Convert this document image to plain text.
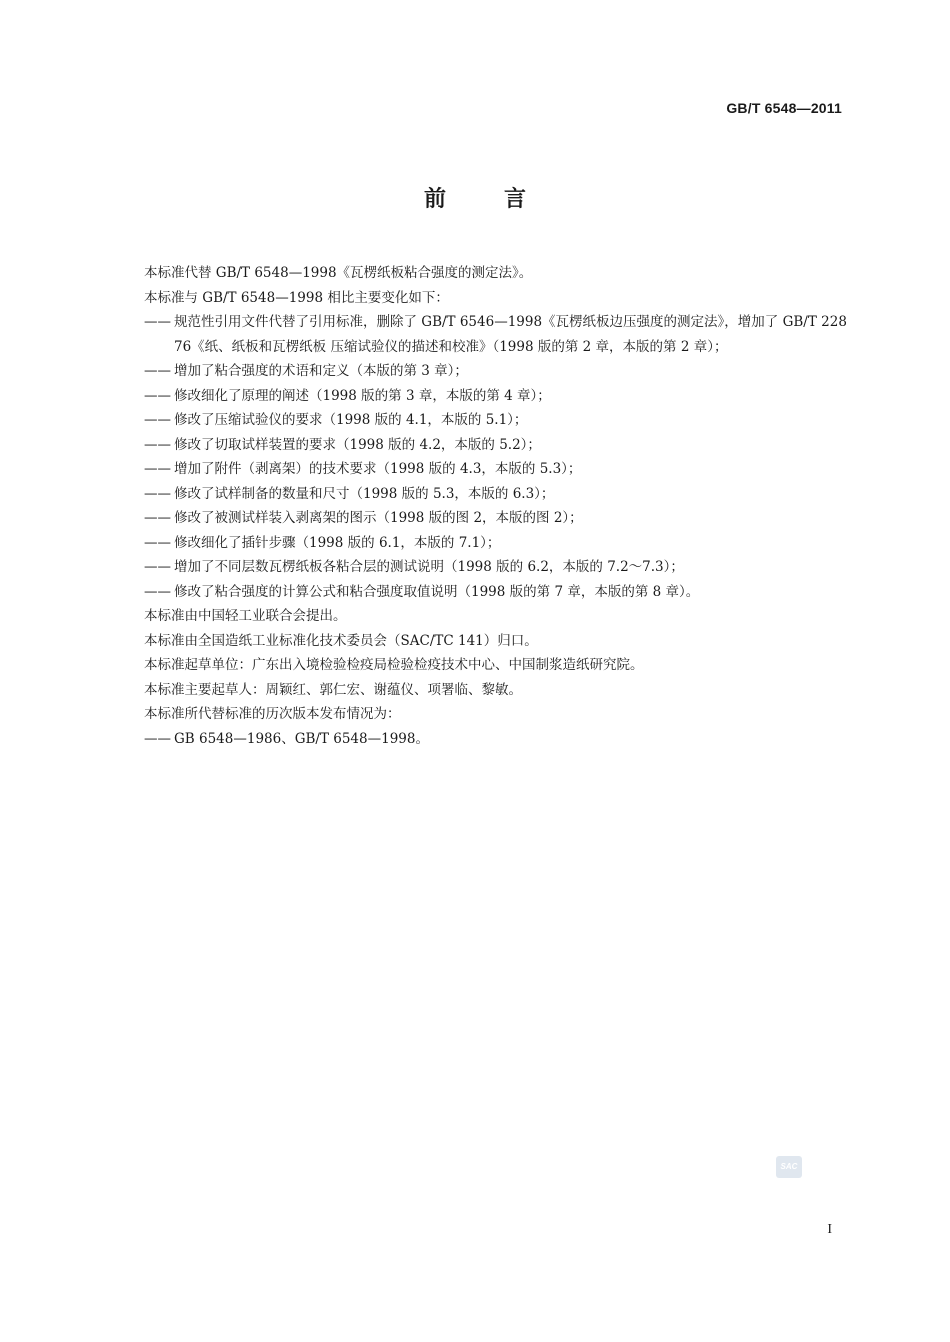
GB/T 6548—2011
前言
本标准代替 GB/T 6548—1998《瓦楞纸板粘合强度的测定法》。
本标准与 GB/T 6548—1998 相比主要变化如下：
—— 规范性引用文件代替了引用标准，删除了 GB/T 6546—1998《瓦楞纸板边压强度的测定法》，增加了 GB/T 22876《纸、纸板和瓦楞纸板 压缩试验仪的描述和校准》（1998 版的第 2 章，本版的第 2 章）；
—— 增加了粘合强度的术语和定义（本版的第 3 章）；
—— 修改细化了原理的阐述（1998 版的第 3 章，本版的第 4 章）；
—— 修改了压缩试验仪的要求（1998 版的 4.1，本版的 5.1）；
—— 修改了切取试样装置的要求（1998 版的 4.2，本版的 5.2）；
—— 增加了附件（剥离架）的技术要求（1998 版的 4.3，本版的 5.3）；
—— 修改了试样制备的数量和尺寸（1998 版的 5.3，本版的 6.3）；
—— 修改了被测试样装入剥离架的图示（1998 版的图 2，本版的图 2）；
—— 修改细化了插针步骤（1998 版的 6.1，本版的 7.1）；
—— 增加了不同层数瓦楞纸板各粘合层的测试说明（1998 版的 6.2，本版的 7.2～7.3）；
—— 修改了粘合强度的计算公式和粘合强度取值说明（1998 版的第 7 章，本版的第 8 章）。
本标准由中国轻工业联合会提出。
本标准由全国造纸工业标准化技术委员会（SAC/TC 141）归口。
本标准起草单位：广东出入境检验检疫局检验检疫技术中心、中国制浆造纸研究院。
本标准主要起草人：周颖红、郭仁宏、谢蕴仪、项署临、黎敏。
本标准所代替标准的历次版本发布情况为：
—— GB 6548—1986、GB/T 6548—1998。
SAC
I
